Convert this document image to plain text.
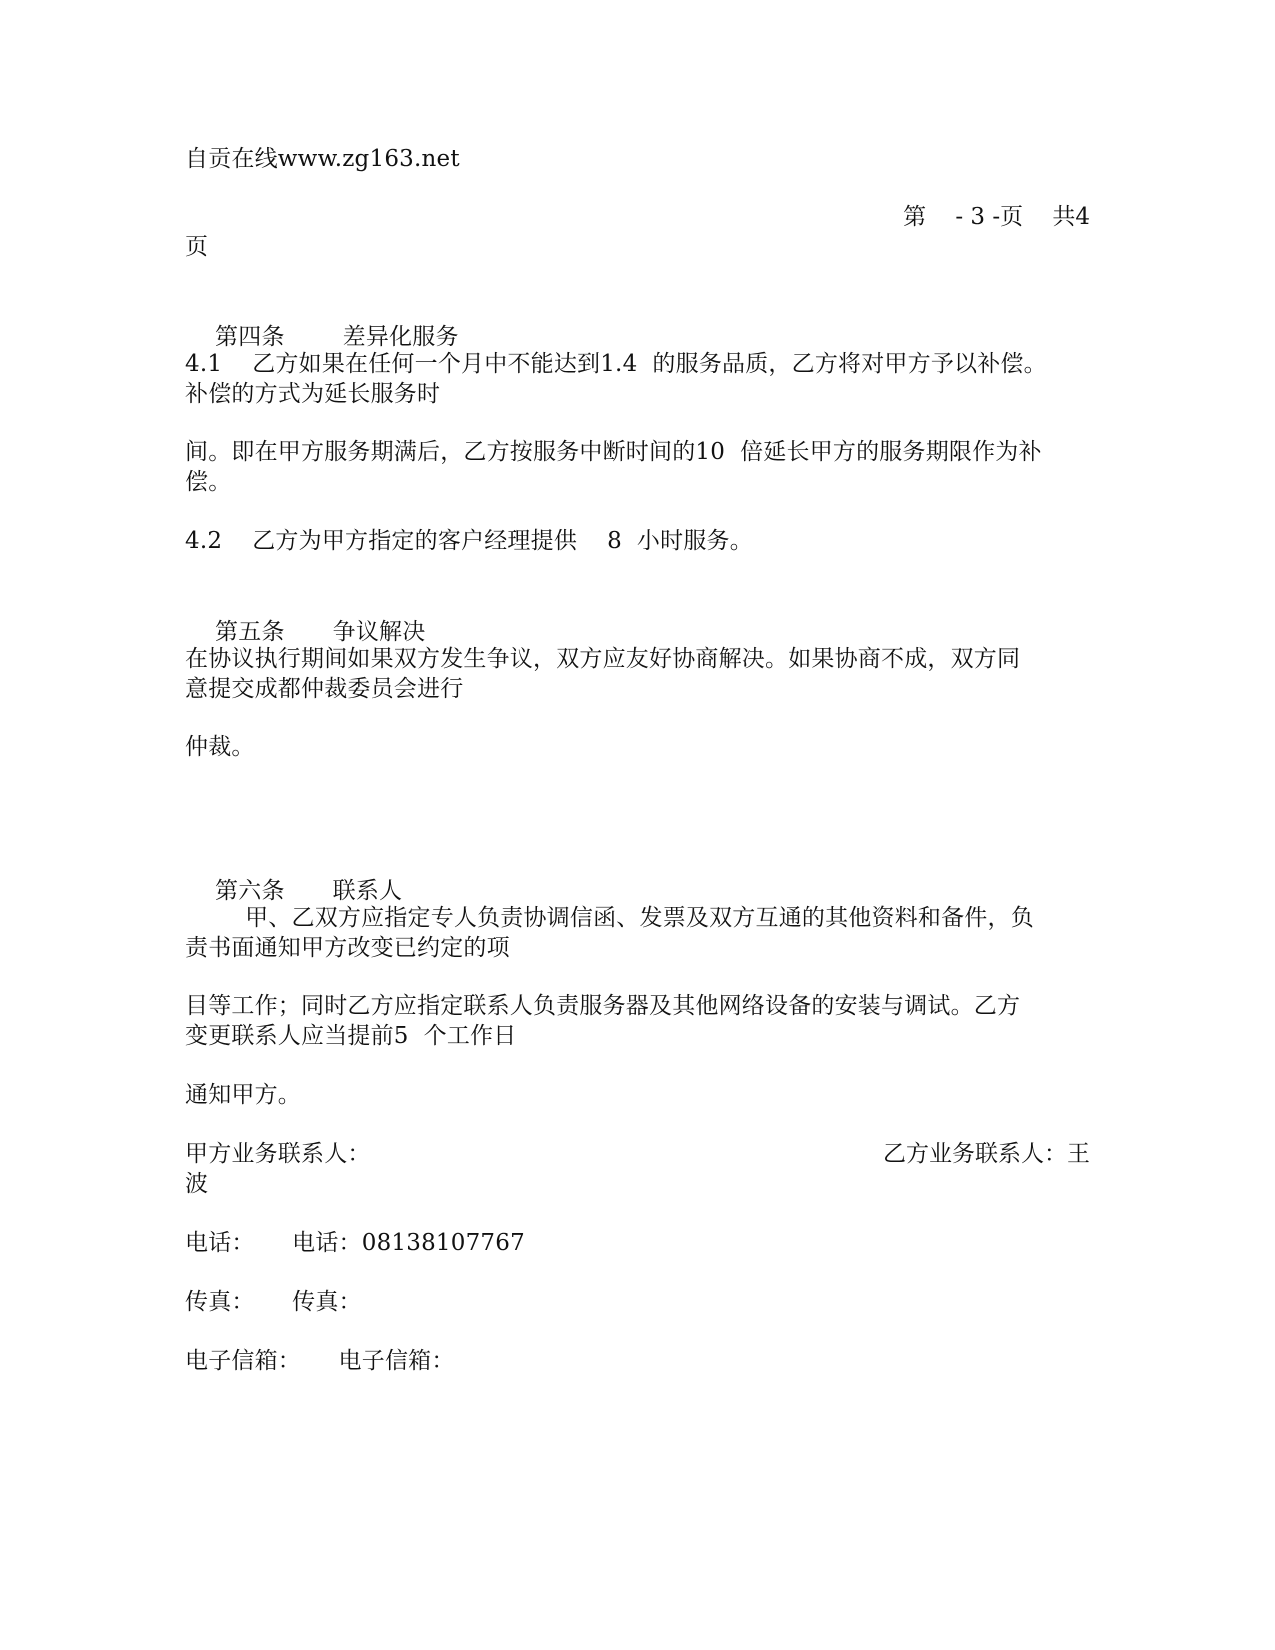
自贡在线www.zg163.net
第    - 3 -页    共4
页

第四条	差异化服务

4.1    乙方如果在任何一个月中不能达到1.4  的服务品质，乙方将对甲方予以补偿。
补偿的方式为延长服务时
间。即在甲方服务期满后，乙方按服务中断时间的10  倍延长甲方的服务期限作为补
偿。
4.2    乙方为甲方指定的客户经理提供    8  小时服务。

第五条 争议解决

在协议执行期间如果双方发生争议，双方应友好协商解决。如果协商不成，双方同
意提交成都仲裁委员会进行
仲裁。

第六条 联系人

甲、乙双方应指定专人负责协调信函、发票及双方互通的其他资料和备件，负
责书面通知甲方改变已约定的项
目等工作；同时乙方应指定联系人负责服务器及其他网络设备的安装与调试。乙方
变更联系人应当提前5  个工作日
通知甲方。
甲方业务联系人：	乙方业务联系人：王
波
电话：     电话：08138107767
传真：     传真：
电子信箱：     电子信箱：
